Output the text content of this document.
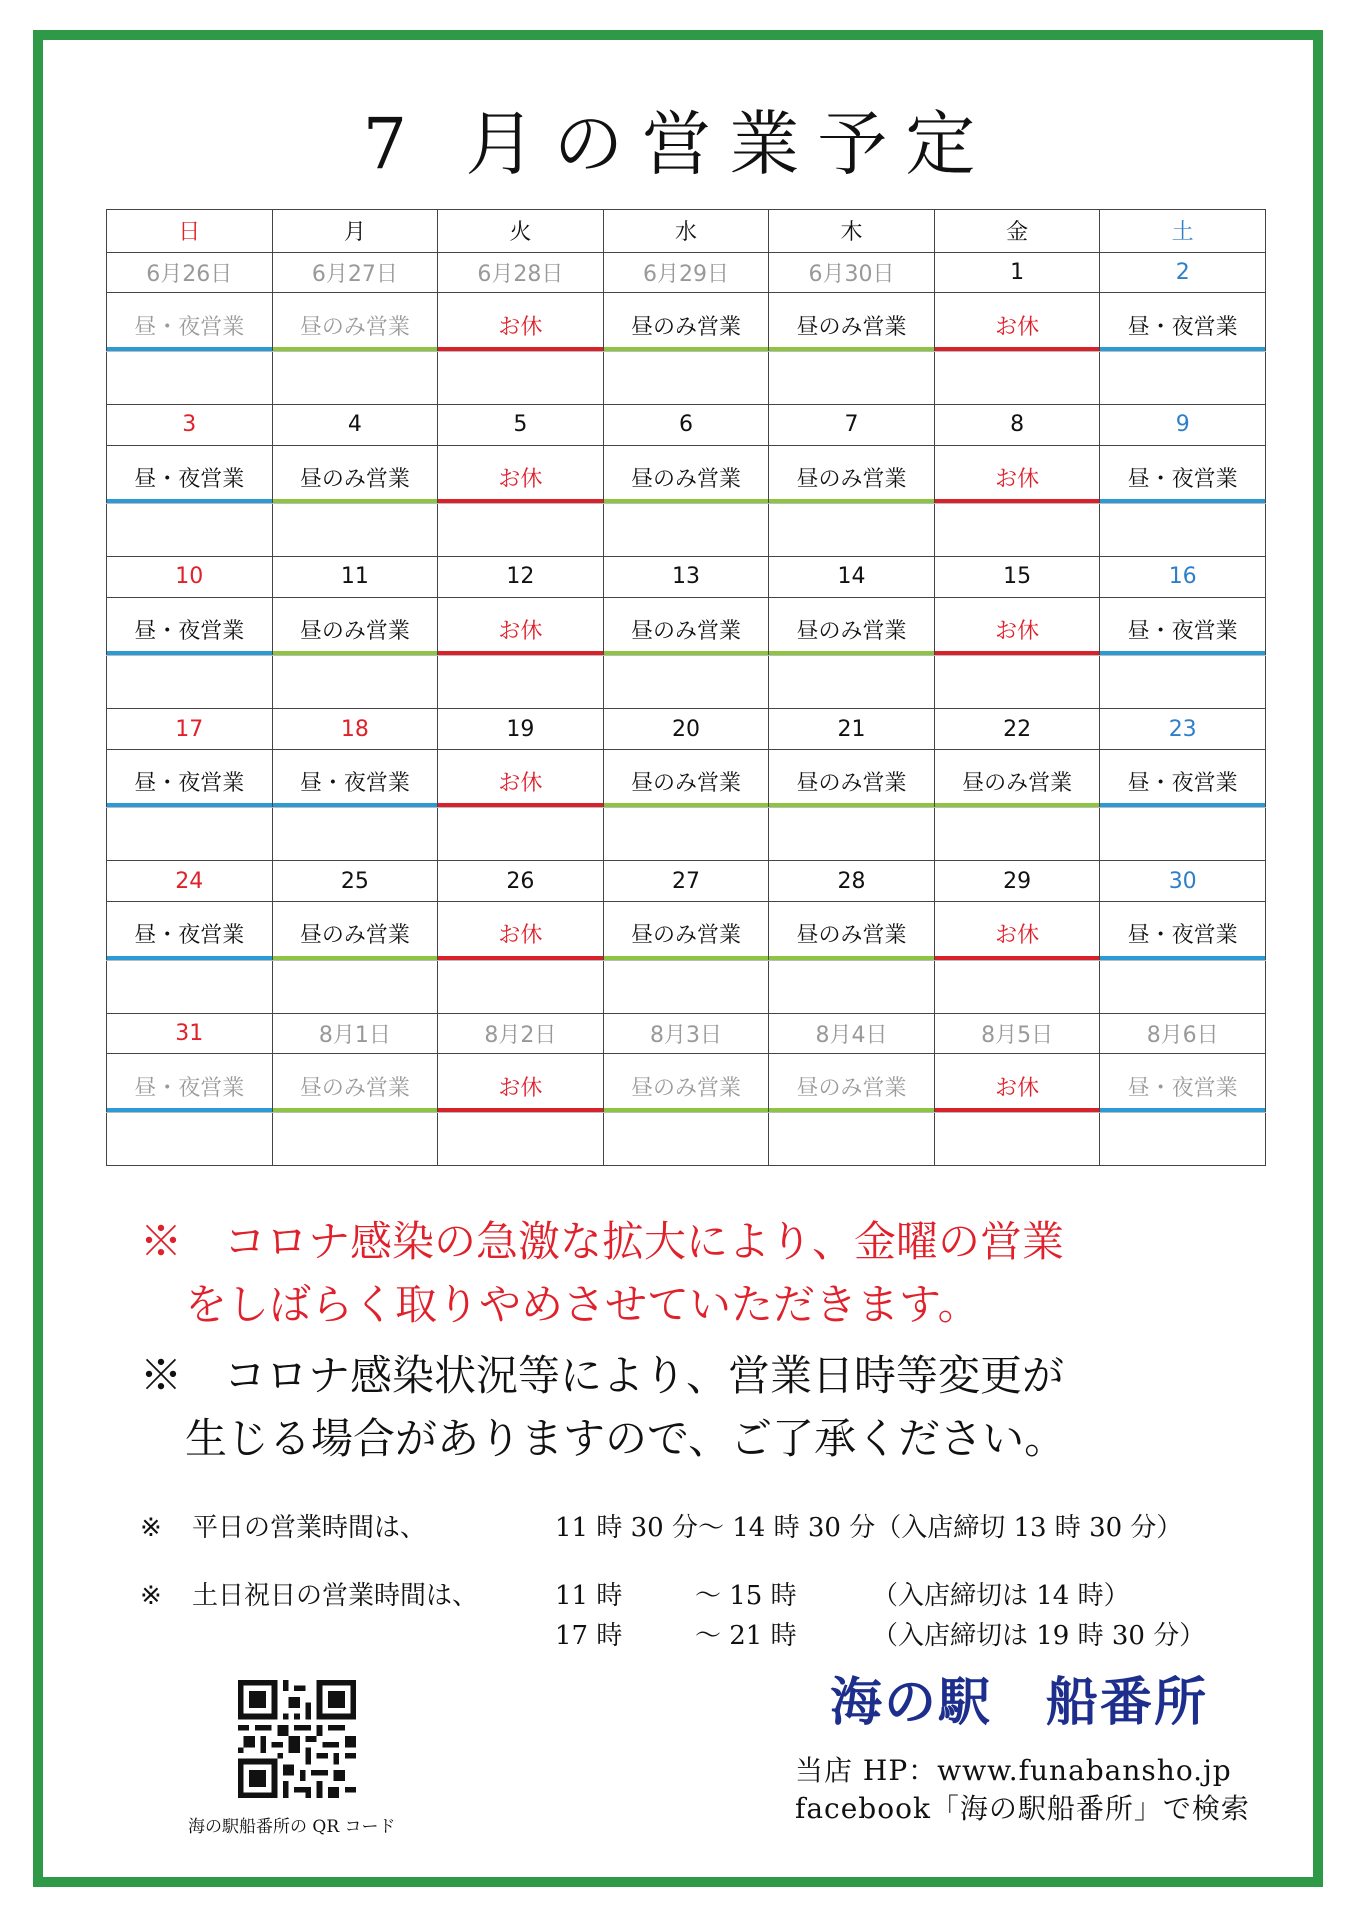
7 月の営業予定
日	月	火	水	木	金	土
6月26日	6月27日	6月28日	6月29日	6月30日	1	2

昼・夜営業	昼のみ営業	お休	昼のみ営業	昼のみ営業	お休	昼・夜営業

3	4	5	6	7	8	9

昼・夜営業	昼のみ営業	お休	昼のみ営業	昼のみ営業	お休	昼・夜営業

10	11	12	13	14	15	16

昼・夜営業	昼のみ営業	お休	昼のみ営業	昼のみ営業	お休	昼・夜営業

17	18	19	20	21	22	23

昼・夜営業	昼・夜営業	お休	昼のみ営業	昼のみ営業	昼のみ営業	昼・夜営業

24	25	26	27	28	29	30

昼・夜営業	昼のみ営業	お休	昼のみ営業	昼のみ営業	お休	昼・夜営業

31	8月1日	8月2日	8月3日	8月4日	8月5日	8月6日

昼・夜営業	昼のみ営業	お休	昼のみ営業	昼のみ営業	お休	昼・夜営業

※　コロナ感染の急激な拡大により、金曜の営業
をしばらく取りやめさせていただきます。
※　コロナ感染状況等により、営業日時等変更が
生じる場合がありますので、ご了承ください。
※ 平日の営業時間は、	11 時 30 分～ 14 時 30 分（入店締切 13 時 30 分）
※ 土日祝日の営業時間は、	11 時	～ 15 時	（入店締切は 14 時）
17 時	～ 21 時	（入店締切は 19 時 30 分）
海の駅　船番所
当店 HP：www.funabansho.jp
facebook「海の駅船番所」で検索
海の駅船番所の QR コード
